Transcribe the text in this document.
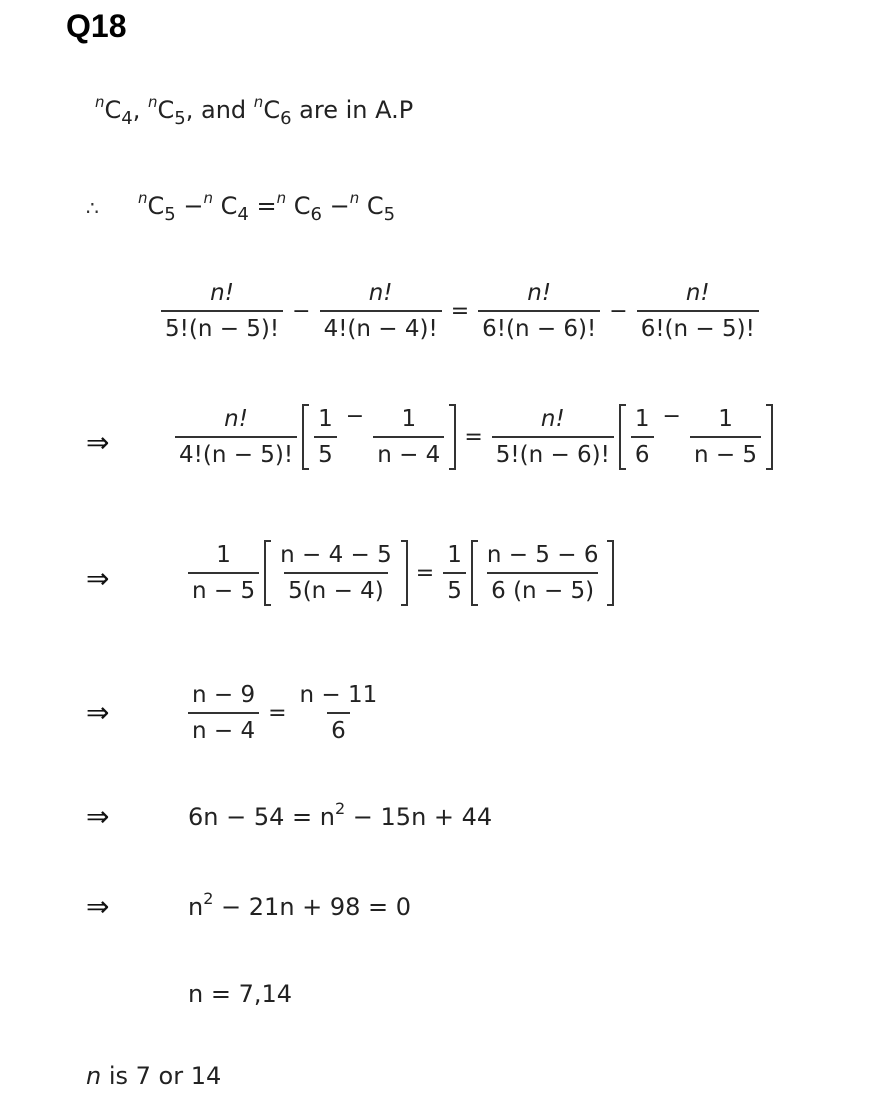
Q18
$^nC_4$, $^nC_5$, and $^nC_6$ are in A.P
∴	$^nC_5 -^n$ $C_4 =^n$ $C_6 -^n$ $C_5$
$\frac{n!}{5!(n - 5)!} - \frac{n!}{4!(n - 4)!} = \frac{n!}{6!(n - 6)!} - \frac{n!}{6!(n - 5)!}$
⇒	$\frac{n!}{4!(n - 5)!} \frac{1}{5} - \frac{1}{n - 4} = \frac{n!}{5!(n - 6)!} \frac{1}{6} - \frac{1}{n - 5}$
⇒	$\frac{1}{n - 5} \frac{n - 4 - 5}{5(n - 4)} = \frac{1}{5} \frac{n - 5 - 6}{6 (n - 5)}$
⇒	$\frac{n - 9}{n - 4} = \frac{n - 11}{6}$
⇒	$6n - 54 = n^2 - 15n + 44$
⇒	$n^2 - 21n + 98 = 0$
n = 7,14
n is 7 or 14
